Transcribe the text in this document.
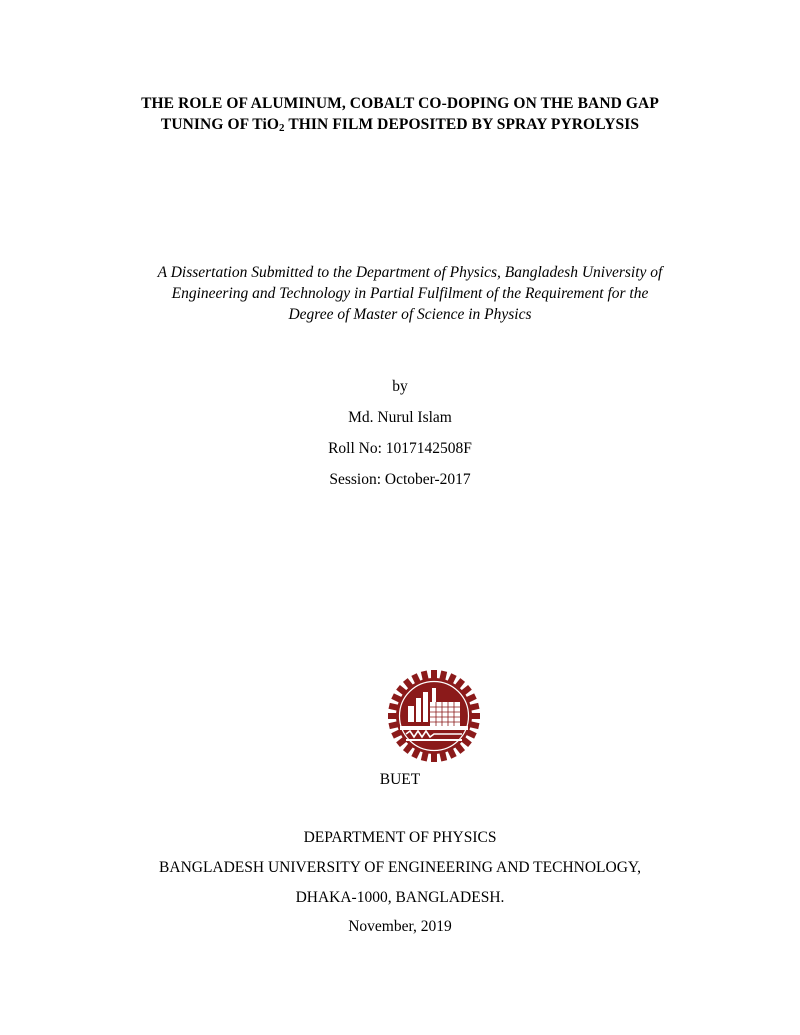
THE ROLE OF ALUMINUM, COBALT CO-DOPING ON THE BAND GAP
TUNING OF TiO$_2$ THIN FILM DEPOSITED BY SPRAY PYROLYSIS
A Dissertation Submitted to the Department of Physics, Bangladesh University of
Engineering and Technology in Partial Fulfilment of the Requirement for the
Degree of Master of Science in Physics
by
Md. Nurul Islam
Roll No: 1017142508F
Session: October-2017
BUET
DEPARTMENT OF PHYSICS
BANGLADESH UNIVERSITY OF ENGINEERING AND TECHNOLOGY,
DHAKA-1000, BANGLADESH.
November, 2019
